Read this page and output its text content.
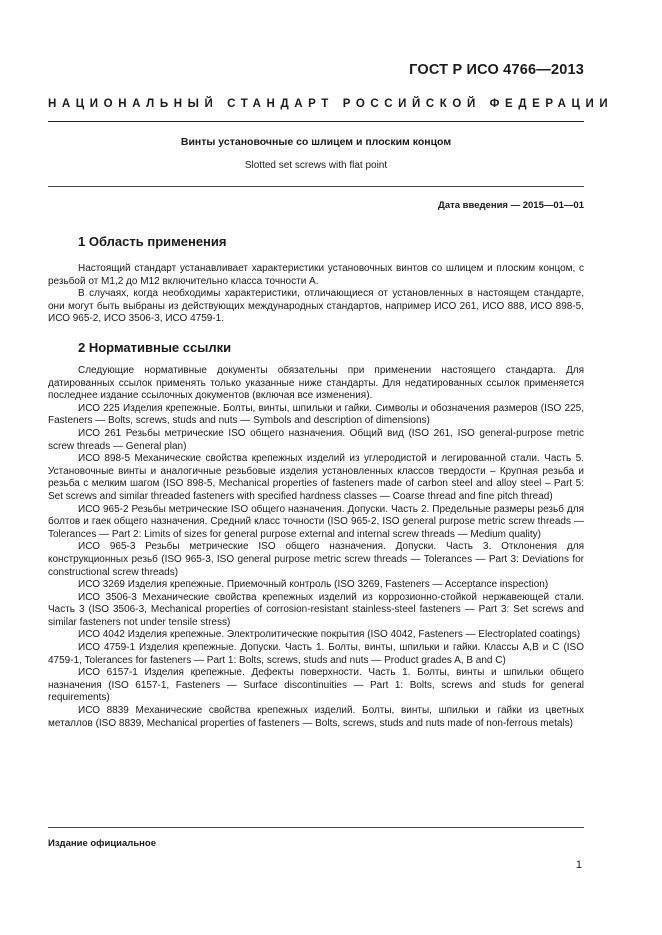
ГОСТ Р ИСО 4766—2013
НАЦИОНАЛЬНЫЙ СТАНДАРТ РОССИЙСКОЙ ФЕДЕРАЦИИ
Винты установочные со шлицем и плоским концом
Slotted set screws with flat point
Дата введения — 2015—01—01
1 Область применения

Настоящий стандарт устанавливает характеристики установочных винтов со шлицем и плоским концом, с резьбой от М1,2 до М12 включительно класса точности А.

В случаях, когда необходимы характеристики, отличающиеся от установленных в настоящем стандарте, они могут быть выбраны из действующих международных стандартов, например ИСО 261, ИСО 888, ИСО 898-5, ИСО 965-2, ИСО 3506-3, ИСО 4759-1.

2 Нормативные ссылки

Следующие нормативные документы обязательны при применении настоящего стандарта. Для датированных ссылок применять только указанные ниже стандарты. Для недатированных ссылок применяется последнее издание ссылочных документов (включая все изменения).

ИСО 225 Изделия крепежные. Болты, винты, шпильки и гайки. Символы и обозначения размеров (ISO 225, Fasteners — Bolts, screws, studs and nuts — Symbols and description of dimensions)

ИСО 261 Резьбы метрические ISO общего назначения. Общий вид (ISO 261, ISO general-purpose metric screw threads — General plan)

ИСО 898-5 Механические свойства крепежных изделий из углеродистой и легированной стали. Часть 5. Установочные винты и аналогичные резьбовые изделия установленных классов твердости – Крупная резьба и резьба с мелким шагом (ISO 898-5, Mechanical properties of fasteners made of carbon steel and alloy steel – Part 5: Set screws and similar threaded fasteners with specified hardness classes — Coarse thread and fine pitch thread)

ИСО 965-2 Резьбы метрические ISO общего назначения. Допуски. Часть 2. Предельные размеры резьб для болтов и гаек общего назначения. Средний класс точности (ISO 965-2, ISO general purpose metric screw threads — Tolerances — Part 2: Limits of sizes for general purpose external and internal screw threads — Medium quality)

ИСО 965-3 Резьбы метрические ISO общего назначения. Допуски. Часть 3. Отклонения для конструкционных резьб (ISO 965-3, ISO general purpose metric screw threads — Tolerances — Part 3: Deviations for constructional screw threads)

ИСО 3269 Изделия крепежные. Приемочный контроль (ISO 3269, Fasteners — Acceptance inspection)

ИСО 3506-3 Механические свойства крепежных изделий из коррозионно-стойкой нержавеющей стали. Часть 3 (ISO 3506-3, Mechanical properties of corrosion-resistant stainless-steel fasteners — Part 3: Set screws and similar fasteners not under tensile stress)

ИСО 4042 Изделия крепежные. Электролитические покрытия (ISO 4042, Fasteners — Electroplated coatings)

ИСО 4759-1 Изделия крепежные. Допуски. Часть 1. Болты, винты, шпильки и гайки. Классы A,B и C (ISO 4759-1, Tolerances for fasteners — Part 1: Bolts, screws, studs and nuts — Product grades A, B and C)

ИСО 6157-1 Изделия крепежные. Дефекты поверхности. Часть 1. Болты, винты и шпильки общего назначения (ISO 6157-1, Fasteners — Surface discontinuities — Part 1: Bolts, screws and studs for general requirements)

ИСО 8839 Механические свойства крепежных изделий. Болты, винты, шпильки и гайки из цветных металлов (ISO 8839, Mechanical properties of fasteners — Bolts, screws, studs and nuts made of non-ferrous metals)

Издание официальное
1
